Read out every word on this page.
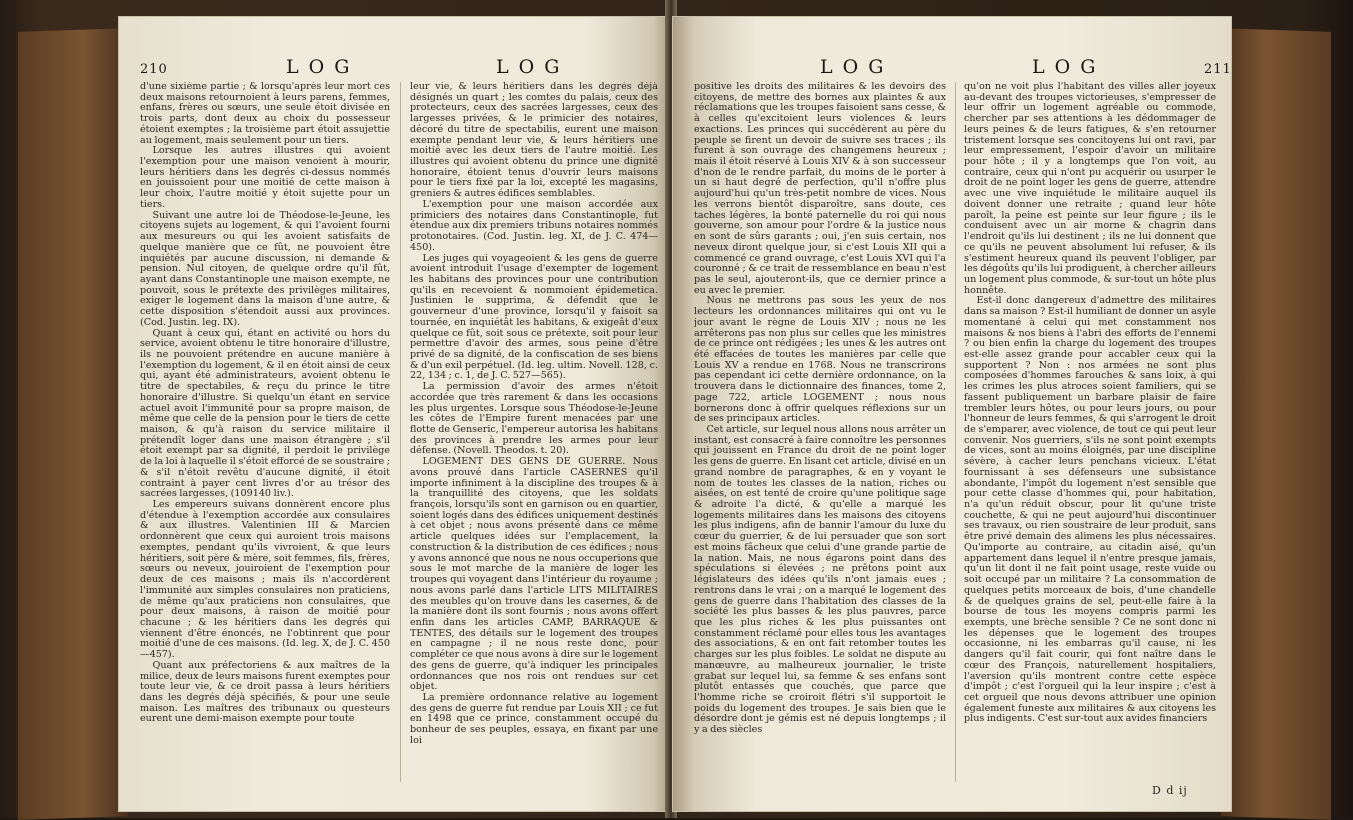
210	L O G	L O G

d'une sixième partie ; & lorsqu'après leur mort ces deux maisons retournoient à leurs parens, femmes, enfans, frères ou sœurs, une seule étoit divisée en trois parts, dont deux au choix du possesseur étoient exemptes ; la troisième part étoit assujettie au logement, mais seulement pour un tiers.

Lorsque les autres illustres qui avoient l'exemption pour une maison venoient à mourir, leurs héritiers dans les degrés ci-dessus nommés en jouissoient pour une moitié de cette maison à leur choix, l'autre moitié y étoit sujette pour un tiers.

Suivant une autre loi de Théodose-le-Jeune, les citoyens sujets au logement, & qui l'avoient fourni aux mesureurs ou qui les avoient satisfaits de quelque manière que ce fût, ne pouvoient être inquiétés par aucune discussion, ni demande & pension. Nul citoyen, de quelque ordre qu'il fût, ayant dans Constantinople une maison exempte, ne pouvoit, sous le prétexte des privilèges militaires, exiger le logement dans la maison d'une autre, & cette disposition s'étendoit aussi aux provinces. (Cod. Justin. leg. IX).

Quant à ceux qui, étant en activité ou hors du service, avoient obtenu le titre honoraire d'illustre, ils ne pouvoient prétendre en aucune manière à l'exemption du logement, & il en étoit ainsi de ceux qui, ayant été administrateurs, avoient obtenu le titre de spectabiles, & reçu du prince le titre honoraire d'illustre. Si quelqu'un étant en service actuel avoit l'immunité pour sa propre maison, de même que celle de la pension pour le tiers de cette maison, & qu'à raison du service militaire il prétendît loger dans une maison étrangère ; s'il étoit exempt par sa dignité, il perdoit le privilège de la loi à laquelle il s'étoit efforcé de se soustraire ; & s'il n'étoit revêtu d'aucune dignité, il étoit contraint à payer cent livres d'or au trésor des sacrées largesses, (109140 liv.).

Les empereurs suivans donnèrent encore plus d'étendue à l'exemption accordée aux consulaires & aux illustres. Valentinien III & Marcien ordonnèrent que ceux qui auroient trois maisons exemptes, pendant qu'ils vivroient, & que leurs héritiers, soit père & mère, soit femmes, fils, frères, sœurs ou neveux, jouiroient de l'exemption pour deux de ces maisons ; mais ils n'accordèrent l'immunité aux simples consulaires non praticiens, de même qu'aux praticiens non consulaires, que pour deux maisons, à raison de moitié pour chacune ; & les héritiers dans les degrés qui viennent d'être énoncés, ne l'obtinrent que pour moitié d'une de ces maisons. (Id. leg. X, de J. C. 450—457).

Quant aux préfectoriens & aux maîtres de la milice, deux de leurs maisons furent exemptes pour toute leur vie, & ce droit passa à leurs héritiers dans les degrés déjà spécifiés, & pour une seule maison. Les maîtres des tribunaux ou questeurs eurent une demi-maison exempte pour toute

leur vie, & leurs héritiers dans les degrés déjà désignés un quart ; les comtes du palais, ceux des protecteurs, ceux des sacrées largesses, ceux des largesses privées, & le primicier des notaires, décoré du titre de spectabilis, eurent une maison exempte pendant leur vie, & leurs héritiers une moitié avec les deux tiers de l'autre moitié. Les illustres qui avoient obtenu du prince une dignité honoraire, étoient tenus d'ouvrir leurs maisons pour le tiers fixé par la loi, excepté les magasins, greniers & autres édifices semblables.

L'exemption pour une maison accordée aux primiciers des notaires dans Constantinople, fut étendue aux dix premiers tribuns notaires nommés protonotaires. (Cod. Justin. leg. XI, de J. C. 474—450).

Les juges qui voyageoient & les gens de guerre avoient introduit l'usage d'exempter de logement les habitans des provinces pour une contribution qu'ils en recevoient & nommoient épidemetica. Justinien le supprima, & défendit que le gouverneur d'une province, lorsqu'il y faisoit sa tournée, en inquiétât les habitans, & exigeât d'eux quelque ce fût, soit sous ce prétexte, soit pour leur permettre d'avoir des armes, sous peine d'être privé de sa dignité, de la confiscation de ses biens & d'un exil perpétuel. (Id. leg. ultim. Novell. 128, c. 22, 134 ; c. 1, de J. C. 527—565).

La permission d'avoir des armes n'étoit accordée que très rarement & dans les occasions les plus urgentes. Lorsque sous Théodose-le-Jeune les côtes de l'Empire furent menacées par une flotte de Genseric, l'empereur autorisa les habitans des provinces à prendre les armes pour leur défense. (Novell. Theodos. t. 20).

LOGEMENT DES GENS DE GUERRE. Nous avons prouvé dans l'article CASERNES qu'il importe infiniment à la discipline des troupes & à la tranquillité des citoyens, que les soldats françois, lorsqu'ils sont en garnison ou en quartier, soient logés dans des édifices uniquement destinés à cet objet ; nous avons présenté dans ce même article quelques idées sur l'emplacement, la construction & la distribution de ces édifices ; nous y avons annoncé que nous ne nous occuperions que sous le mot marche de la manière de loger les troupes qui voyagent dans l'intérieur du royaume ; nous avons parlé dans l'article LITS MILITAIRES des meubles qu'on trouve dans les casernes, & de la manière dont ils sont fournis ; nous avons offert enfin dans les articles CAMP, BARRAQUE & TENTES, des détails sur le logement des troupes en campagne ; il ne nous reste donc, pour compléter ce que nous avons à dire sur le logement des gens de guerre, qu'à indiquer les principales ordonnances que nos rois ont rendues sur cet objet.

La première ordonnance relative au logement des gens de guerre fut rendue par Louis XII ; ce fut en 1498 que ce prince, constamment occupé du bonheur de ses peuples, essaya, en fixant par une loi

L O G	L O G	211

positive les droits des militaires & les devoirs des citoyens, de mettre des bornes aux plaintes & aux réclamations que les troupes faisoient sans cesse, & à celles qu'excitoient leurs violences & leurs exactions. Les princes qui succédèrent au père du peuple se firent un devoir de suivre ses traces ; ils furent à son ouvrage des changemens heureux ; mais il étoit réservé à Louis XIV & à son successeur d'non de le rendre parfait, du moins de le porter à un si haut degré de perfection, qu'il n'offre plus aujourd'hui qu'un très-petit nombre de vices. Nous les verrons bientôt disparoître, sans doute, ces taches légères, la bonté paternelle du roi qui nous gouverne, son amour pour l'ordre & la justice nous en sont de sûrs garants ; oui, j'en suis certain, nos neveux diront quelque jour, si c'est Louis XII qui a commencé ce grand ouvrage, c'est Louis XVI qui l'a couronné ; & ce trait de ressemblance en beau n'est pas le seul, ajouteront-ils, que ce dernier prince a eu avec le premier.

Nous ne mettrons pas sous les yeux de nos lecteurs les ordonnances militaires qui ont vu le jour avant le règne de Louis XIV ; nous ne les arrêterons pas non plus sur celles que les ministres de ce prince ont rédigées ; les unes & les autres ont été effacées de toutes les manières par celle que Louis XV a rendue en 1768. Nous ne transcrirons pas cependant ici cette dernière ordonnance, on la trouvera dans le dictionnaire des finances, tome 2, page 722, article LOGEMENT ; nous nous bornerons donc à offrir quelques réflexions sur un de ses principaux articles.

Cet article, sur lequel nous allons nous arrêter un instant, est consacré à faire connoître les personnes qui jouissent en France du droit de ne point loger les gens de guerre. En lisant cet article, divisé en un grand nombre de paragraphes, & en y voyant le nom de toutes les classes de la nation, riches ou aisées, on est tenté de croire qu'une politique sage & adroite l'a dicté, & qu'elle a marqué les logements militaires dans les maisons des citoyens les plus indigens, afin de bannir l'amour du luxe du cœur du guerrier, & de lui persuader que son sort est moins fâcheux que celui d'une grande partie de la nation. Mais, ne nous égarons point dans des spéculations si élevées ; ne prêtons point aux législateurs des idées qu'ils n'ont jamais eues ; rentrons dans le vrai ; on a marqué le logement des gens de guerre dans l'habitation des classes de la société les plus basses & les plus pauvres, parce que les plus riches & les plus puissantes ont constamment réclamé pour elles tous les avantages des associations, & en ont fait retomber toutes les charges sur les plus foibles. Le soldat ne dispute au manœuvre, au malheureux journalier, le triste grabat sur lequel lui, sa femme & ses enfans sont plutôt entassés que couchés, que parce que l'homme riche se croiroit flétri s'il supportoit le poids du logement des troupes. Je sais bien que le désordre dont je gémis est né depuis longtemps ; il y a des siècles

qu'on ne voit plus l'habitant des villes aller joyeux au-devant des troupes victorieuses, s'empresser de leur offrir un logement agréable ou commode, chercher par ses attentions à les dédommager de leurs peines & de leurs fatigues, & s'en retourner tristement lorsque ses concitoyens lui ont ravi, par leur empressement, l'espoir d'avoir un militaire pour hôte ; il y a longtemps que l'on voit, au contraire, ceux qui n'ont pu acquérir ou usurper le droit de ne point loger les gens de guerre, attendre avec une vive inquiétude le militaire auquel ils doivent donner une retraite ; quand leur hôte paroît, la peine est peinte sur leur figure ; ils le conduisent avec un air morne & chagrin dans l'endroit qu'ils lui destinent ; ils ne lui donnent que ce qu'ils ne peuvent absolument lui refuser, & ils s'estiment heureux quand ils peuvent l'obliger, par les dégoûts qu'ils lui prodiguent, à chercher ailleurs un logement plus commode, & sur-tout un hôte plus honnête.

Est-il donc dangereux d'admettre des militaires dans sa maison ? Est-il humiliant de donner un asyle momentané à celui qui met constamment nos maisons & nos biens à l'abri des efforts de l'ennemi ? ou bien enfin la charge du logement des troupes est-elle assez grande pour accabler ceux qui la supportent ? Non : nos armées ne sont plus composées d'hommes farouches & sans loix, à qui les crimes les plus atroces soient familiers, qui se fassent publiquement un barbare plaisir de faire trembler leurs hôtes, ou pour leurs jours, ou pour l'honneur de leurs femmes, & qui s'arrogent le droit de s'emparer, avec violence, de tout ce qui peut leur convenir. Nos guerriers, s'ils ne sont point exempts de vices, sont au moins éloignés, par une discipline sévère, à cacher leurs penchans vicieux. L'état fournissant à ses défenseurs une subsistance abondante, l'impôt du logement n'est sensible que pour cette classe d'hommes qui, pour habitation, n'a qu'un réduit obscur, pour lit qu'une triste couchette, & qui ne peut aujourd'hui discontinuer ses travaux, ou rien soustraire de leur produit, sans être privé demain des alimens les plus nécessaires. Qu'importe au contraire, au citadin aisé, qu'un appartement dans lequel il n'entre presque jamais, qu'un lit dont il ne fait point usage, reste vuide ou soit occupé par un militaire ? La consommation de quelques petits morceaux de bois, d'une chandelle & de quelques grains de sel, peut-elle faire à la bourse de tous les moyens compris parmi les exempts, une brèche sensible ? Ce ne sont donc ni les dépenses que le logement des troupes occasionne, ni les embarras qu'il cause, ni les dangers qu'il fait courir, qui font naître dans le cœur des François, naturellement hospitaliers, l'aversion qu'ils montrent contre cette espèce d'impôt ; c'est l'orgueil qui la leur inspire ; c'est à cet orgueil que nous devons attribuer une opinion également funeste aux militaires & aux citoyens les plus indigents. C'est sur-tout aux avides financiers

D d ij
